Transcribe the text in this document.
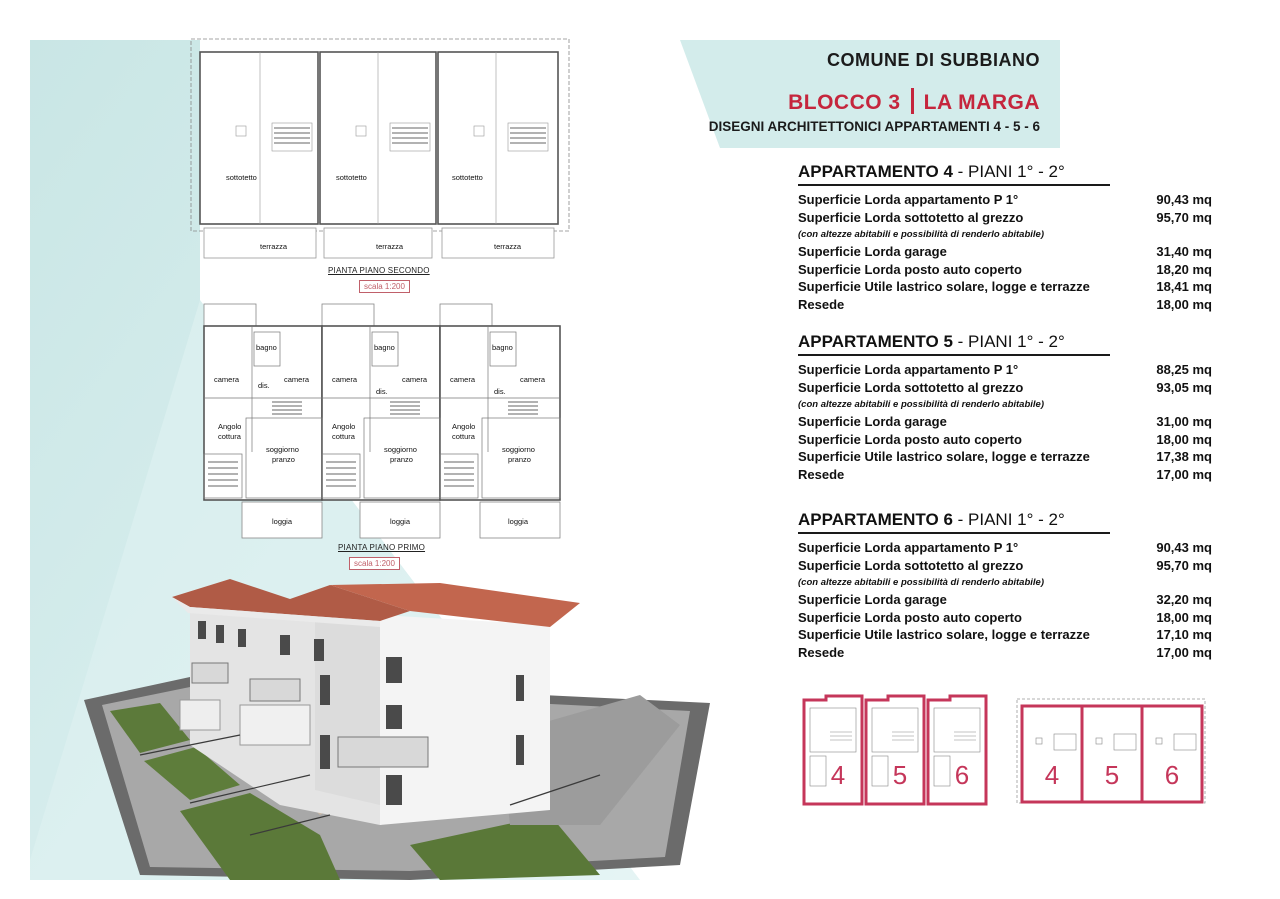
sottotetto	sottotetto	sottotetto
terrazza	terrazza	terrazza
PIANTA PIANO SECONDO
scala 1:200
camera	camera	camera	camera	camera	camera
bagno	bagno	bagno
dis.
dis.	dis.
Angolo
cottura
Angolo
cottura
Angolo
cottura
soggiorno
pranzo
soggiorno
pranzo
soggiorno
pranzo
loggia	loggia	loggia
PIANTA PIANO PRIMO
scala 1:200
COMUNE DI SUBBIANO
BLOCCO 3 LA MARGA
DISEGNI ARCHITETTONICI APPARTAMENTI 4 - 5 - 6
APPARTAMENTO 4 - PIANI 1° - 2°
Superficie Lorda appartamento P 1°	90,43 mq
Superficie Lorda sottotetto al grezzo	95,70 mq
(con altezze abitabili e possibilità di renderlo abitabile)
Superficie Lorda garage	31,40 mq
Superficie Lorda posto auto coperto	18,20 mq
Superficie Utile lastrico solare, logge e terrazze	18,41 mq
Resede	18,00 mq
APPARTAMENTO 5 - PIANI 1° - 2°
Superficie Lorda appartamento P 1°	88,25 mq
Superficie Lorda sottotetto al grezzo	93,05 mq
(con altezze abitabili e possibilità di renderlo abitabile)
Superficie Lorda garage	31,00 mq
Superficie Lorda posto auto coperto	18,00 mq
Superficie Utile lastrico solare, logge e terrazze	17,38 mq
Resede	17,00 mq
APPARTAMENTO 6 - PIANI 1° - 2°
Superficie Lorda appartamento P 1°	90,43 mq
Superficie Lorda sottotetto al grezzo	95,70 mq
(con altezze abitabili e possibilità di renderlo abitabile)
Superficie Lorda garage	32,20 mq
Superficie Lorda posto auto coperto	18,00 mq
Superficie Utile lastrico solare, logge e terrazze	17,10 mq
Resede	17,00 mq
4 5 6	4 5 6
